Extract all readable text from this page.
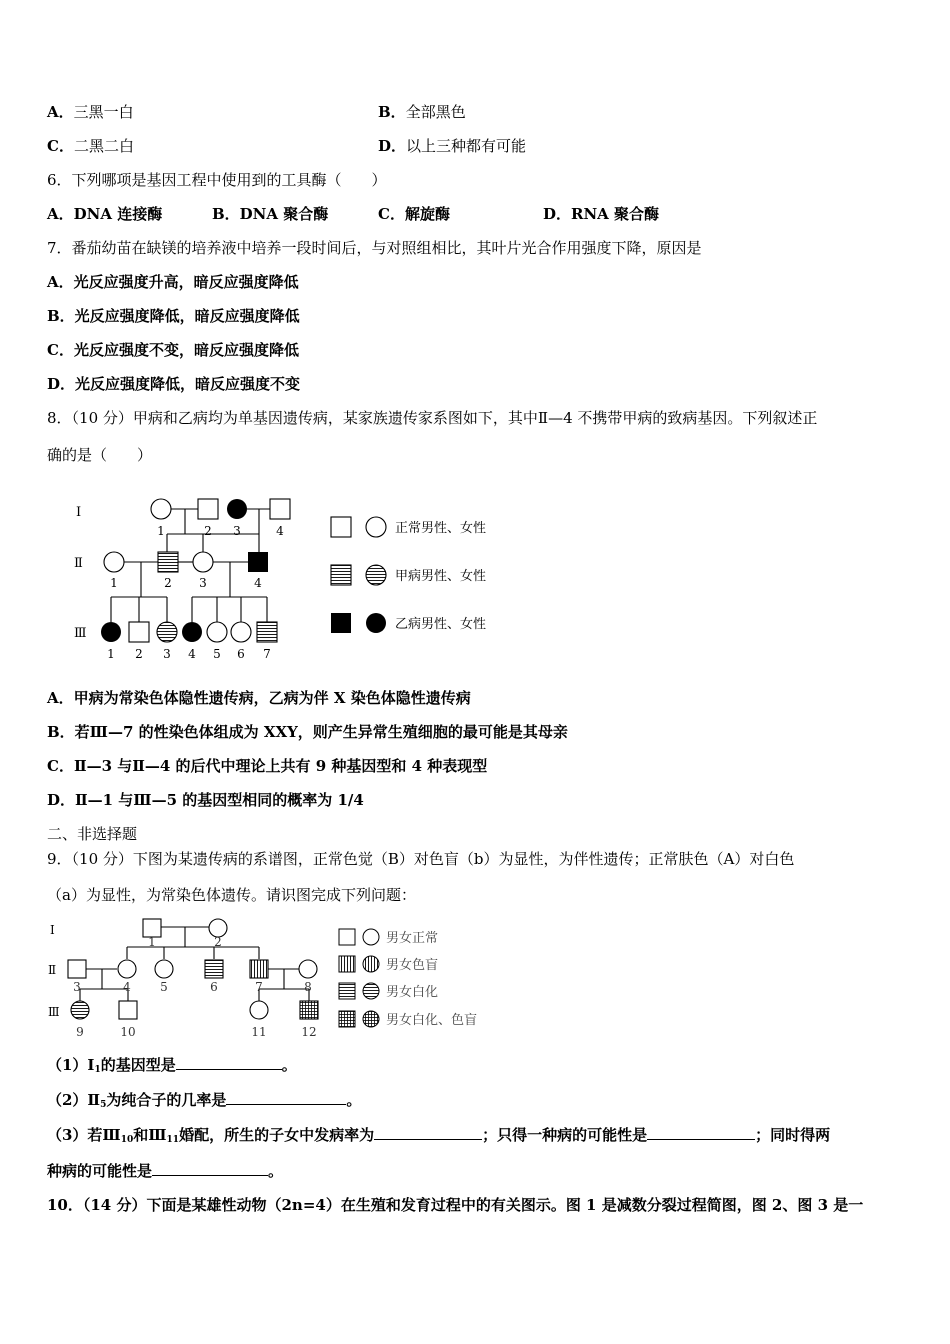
A．三黑一白	B．全部黑色
C．二黑二白	D．以上三种都有可能
6．下列哪项是基因工程中使用到的工具酶（　　）
A．DNA 连接酶	B．DNA 聚合酶	C．解旋酶	D．RNA 聚合酶
7．番茄幼苗在缺镁的培养液中培养一段时间后，与对照组相比，其叶片光合作用强度下降，原因是
A．光反应强度升高，暗反应强度降低
B．光反应强度降低，暗反应强度降低
C．光反应强度不变，暗反应强度降低
D．光反应强度降低，暗反应强度不变
8．（10 分）甲病和乙病均为单基因遗传病，某家族遗传家系图如下，其中Ⅱ—4 不携带甲病的致病基因。下列叙述正
确的是（　　）
Ⅰ
Ⅱ
Ⅲ
1	2 3	4
1	2 3	4
1 2 3 4 5 6 7
正常男性、女性
甲病男性、女性
乙病男性、女性
A．甲病为常染色体隐性遗传病，乙病为伴 X 染色体隐性遗传病
B．若Ⅲ—7 的性染色体组成为 XXY，则产生异常生殖细胞的最可能是其母亲
C．Ⅱ—3 与Ⅱ—4 的后代中理论上共有 9 种基因型和 4 种表现型
D．Ⅱ—1 与Ⅲ—5 的基因型相同的概率为 1/4
二、非选择题
9．（10 分）下图为某遗传病的系谱图，正常色觉（B）对色盲（b）为显性，为伴性遗传；正常肤色（A）对白色
（a）为显性，为常染色体遗传。请识图完成下列问题：
Ⅰ
Ⅱ
Ⅲ
1	2
3	4 5	6	7	8
9	10	11	12
男女正常
男女色盲
男女白化
男女白化、色盲
$(1)Ⅰ_1$的基因型是	。
$(2)Ⅱ_5$为纯合子的几率是	。
（3）若$Ⅲ_{10}$和$Ⅲ_{11}$婚配，所生的子女中发病率为	；只得一种病的可能性是	；同时得两
种病的可能性是	。
10．（14 分）下面是某雄性动物（2n=4）在生殖和发育过程中的有关图示。图 1 是减数分裂过程简图，图 2、图 3 是一
